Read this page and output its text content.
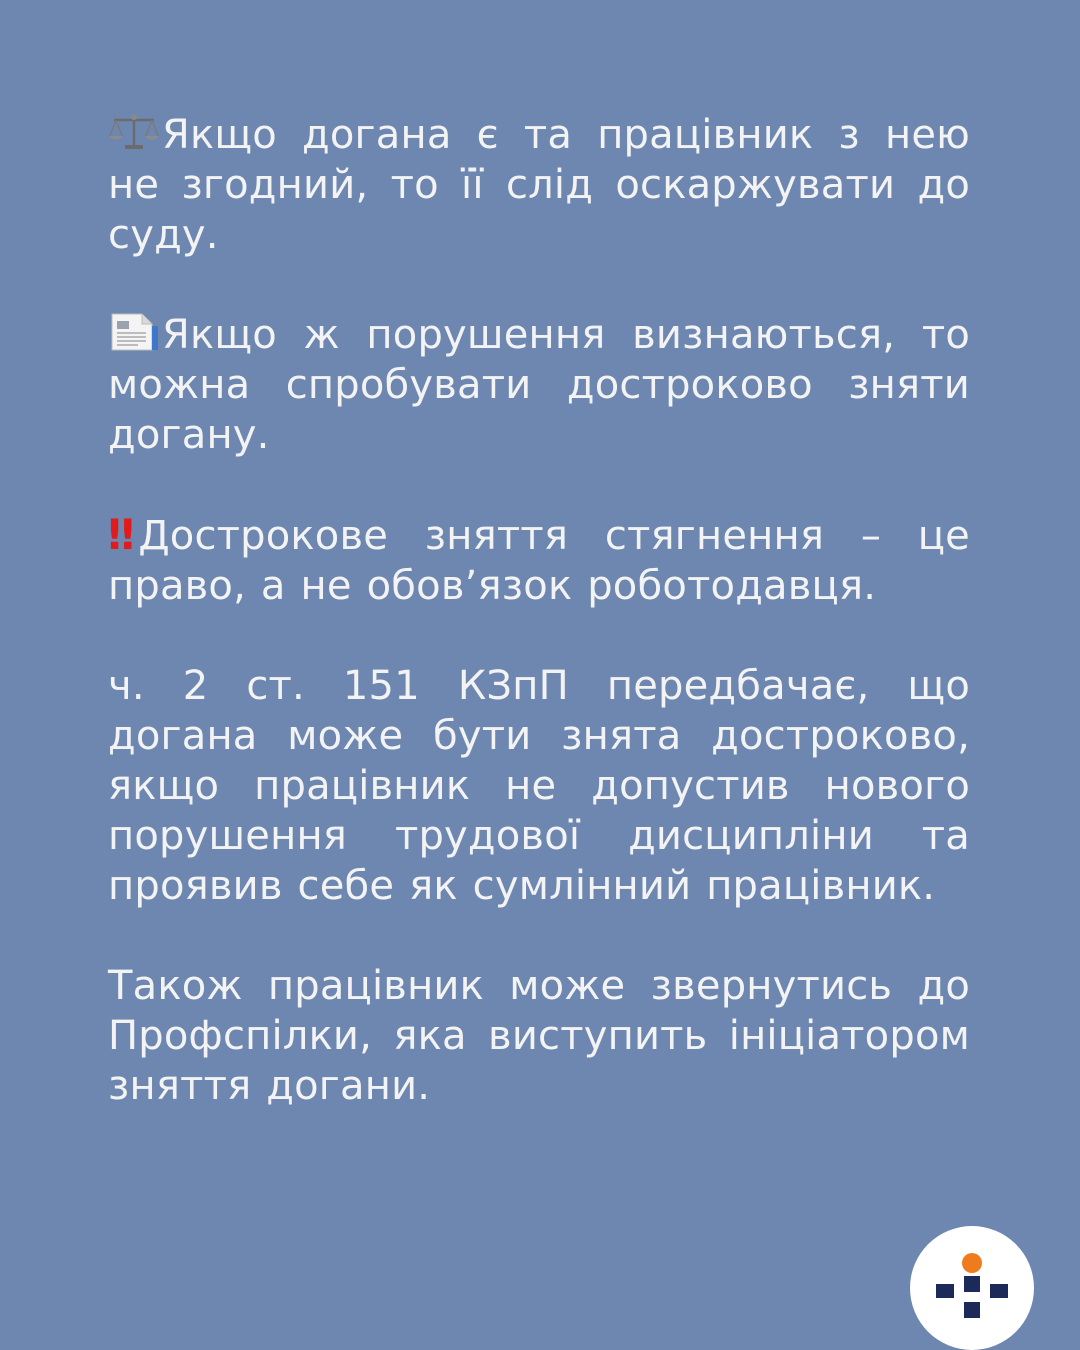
Якщо догана є та працівник з нею не згодний, то її слід оскаржувати до суду.

Якщо ж порушення визнаються, то можна спробувати достроково зняти догану.

‼ Дострокове зняття стягнення – це право, а не обов’язок роботодавця.

ч. 2 ст. 151 КЗпП передбачає, що догана може бути знята достроково, якщо працівник не допустив нового порушення трудової дисципліни та проявив себе як сумлінний працівник.

Також працівник може звернутись до Профспілки, яка виступить ініціатором зняття догани.
